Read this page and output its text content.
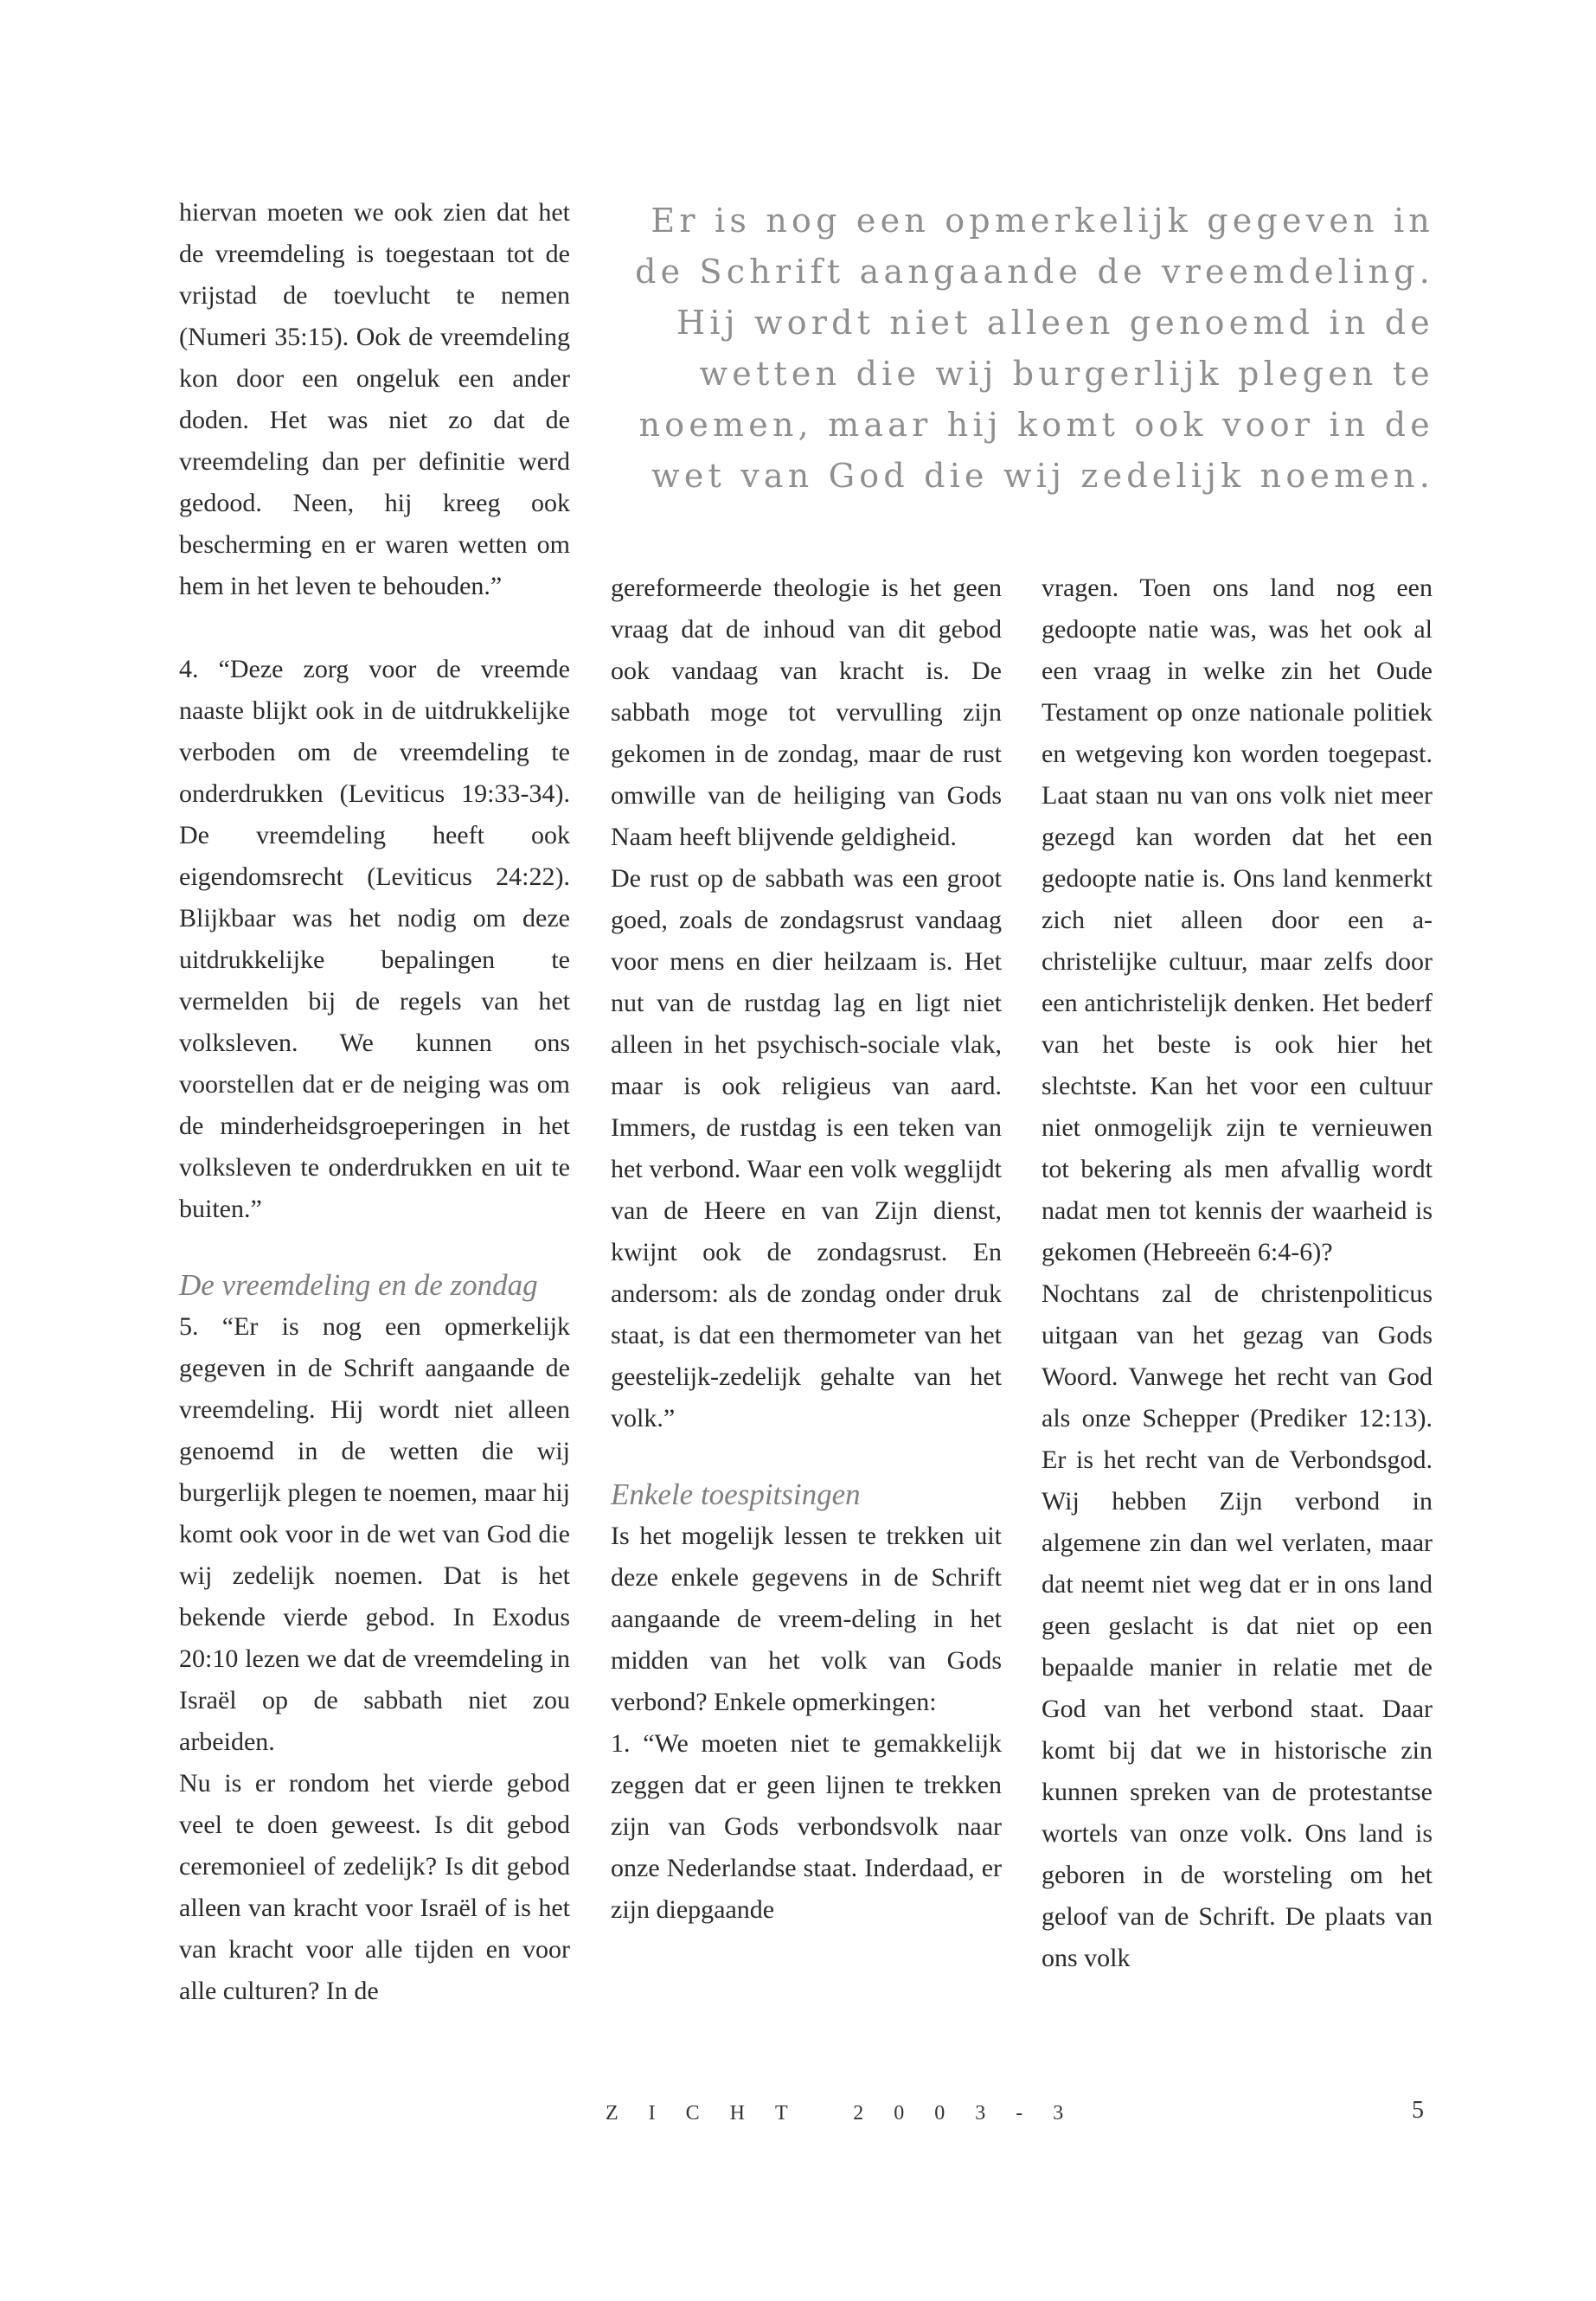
Er is nog een opmerkelijk gegeven in de Schrift aangaande de vreemdeling. Hij wordt niet alleen genoemd in de wetten die wij burgerlijk plegen te noemen, maar hij komt ook voor in de wet van God die wij zedelijk noemen.

hiervan moeten we ook zien dat het de vreemdeling is toegestaan tot de vrijstad de toevlucht te nemen (Numeri 35:15). Ook de vreemdeling kon door een ongeluk een ander doden. Het was niet zo dat de vreemdeling dan per definitie werd gedood. Neen, hij kreeg ook bescherming en er waren wetten om hem in het leven te behouden.”

4. “Deze zorg voor de vreemde naaste blijkt ook in de uitdrukkelijke verboden om de vreemdeling te onderdrukken (Leviticus 19:33-34). De vreemdeling heeft ook eigendomsrecht (Leviticus 24:22). Blijkbaar was het nodig om deze uitdrukkelijke bepalingen te vermelden bij de regels van het volksleven. We kunnen ons voorstellen dat er de neiging was om de minderheidsgroeperingen in het volksleven te onderdrukken en uit te buiten.”

De vreemdeling en de zondag

5. “Er is nog een opmerkelijk gegeven in de Schrift aangaande de vreemdeling. Hij wordt niet alleen genoemd in de wetten die wij burgerlijk plegen te noemen, maar hij komt ook voor in de wet van God die wij zedelijk noemen. Dat is het bekende vierde gebod. In Exodus 20:10 lezen we dat de vreemdeling in Israël op de sabbath niet zou arbeiden.

Nu is er rondom het vierde gebod veel te doen geweest. Is dit gebod ceremonieel of zedelijk? Is dit gebod alleen van kracht voor Israël of is het van kracht voor alle tijden en voor alle culturen? In de

gereformeerde theologie is het geen vraag dat de inhoud van dit gebod ook vandaag van kracht is. De sabbath moge tot vervulling zijn gekomen in de zondag, maar de rust omwille van de heiliging van Gods Naam heeft blijvende geldigheid.

De rust op de sabbath was een groot goed, zoals de zondagsrust vandaag voor mens en dier heilzaam is. Het nut van de rustdag lag en ligt niet alleen in het psychisch-sociale vlak, maar is ook religieus van aard. Immers, de rustdag is een teken van het verbond. Waar een volk wegglijdt van de Heere en van Zijn dienst, kwijnt ook de zondagsrust. En andersom: als de zondag onder druk staat, is dat een thermometer van het geestelijk-zedelijk gehalte van het volk.”

Enkele toespitsingen

Is het mogelijk lessen te trekken uit deze enkele gegevens in de Schrift aangaande de vreem-deling in het midden van het volk van Gods verbond? Enkele opmerkingen:

1. “We moeten niet te gemakkelijk zeggen dat er geen lijnen te trekken zijn van Gods verbondsvolk naar onze Nederlandse staat. Inderdaad, er zijn diepgaande

vragen. Toen ons land nog een gedoopte natie was, was het ook al een vraag in welke zin het Oude Testament op onze nationale politiek en wetgeving kon worden toegepast. Laat staan nu van ons volk niet meer gezegd kan worden dat het een gedoopte natie is. Ons land kenmerkt zich niet alleen door een a-christelijke cultuur, maar zelfs door een antichristelijk denken. Het bederf van het beste is ook hier het slechtste. Kan het voor een cultuur niet onmogelijk zijn te vernieuwen tot bekering als men afvallig wordt nadat men tot kennis der waarheid is gekomen (Hebreeën 6:4-6)?

Nochtans zal de christenpoliticus uitgaan van het gezag van Gods Woord. Vanwege het recht van God als onze Schepper (Prediker 12:13). Er is het recht van de Verbondsgod. Wij hebben Zijn verbond in algemene zin dan wel verlaten, maar dat neemt niet weg dat er in ons land geen geslacht is dat niet op een bepaalde manier in relatie met de God van het verbond staat. Daar komt bij dat we in historische zin kunnen spreken van de protestantse wortels van onze volk. Ons land is geboren in de worsteling om het geloof van de Schrift. De plaats van ons volk

ZICHT 2003-3	5
